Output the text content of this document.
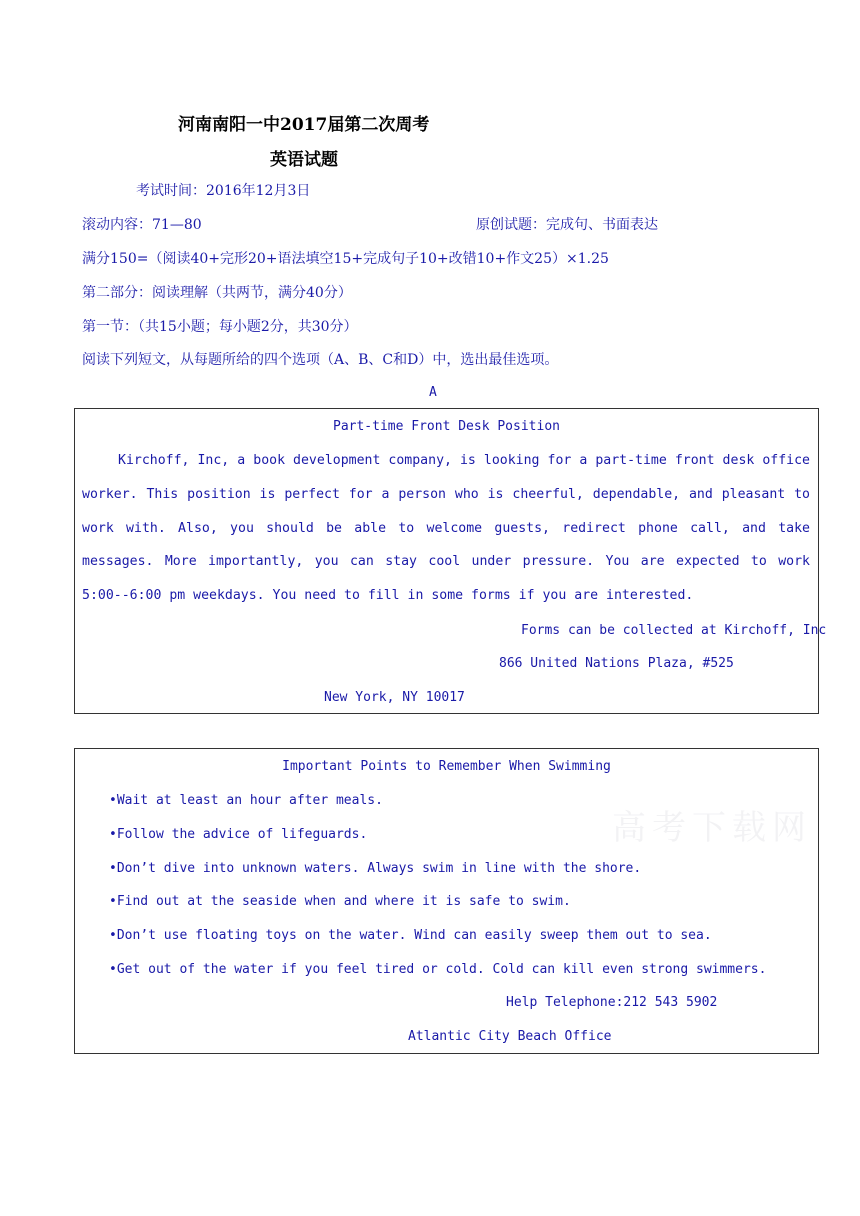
高考下载网
河南南阳一中2017届第二次周考
英语试题
考试时间：2016年12月3日
滚动内容：71—80	原创试题：完成句、书面表达
满分150=（阅读40+完形20+语法填空15+完成句子10+改错10+作文25）×1.25
第二部分：阅读理解（共两节，满分40分）
第一节：（共15小题；每小题2分，共30分）
阅读下列短文，从每题所给的四个选项（A、B、C和D）中，选出最佳选项。
A
Part-time Front Desk Position
Kirchoff, Inc, a book development company, is looking for a part-time front desk office worker. This position is perfect for a person who is cheerful, dependable, and pleasant to work with. Also, you should be able to welcome guests, redirect phone call, and take messages. More importantly, you can stay cool under pressure. You are expected to work 5:00--6:00 pm weekdays. You need to fill in some forms if you are interested.
Forms can be collected at Kirchoff, Inc
866 United Nations Plaza, #525
New York, NY 10017
Important Points to Remember When Swimming
•Wait at least an hour after meals.
•Follow the advice of lifeguards.
•Don’t dive into unknown waters. Always swim in line with the shore.
•Find out at the seaside when and where it is safe to swim.
•Don’t use floating toys on the water. Wind can easily sweep them out to sea.
•Get out of the water if you feel tired or cold. Cold can kill even strong swimmers.
Help Telephone:212 543 5902
Atlantic City Beach Office
